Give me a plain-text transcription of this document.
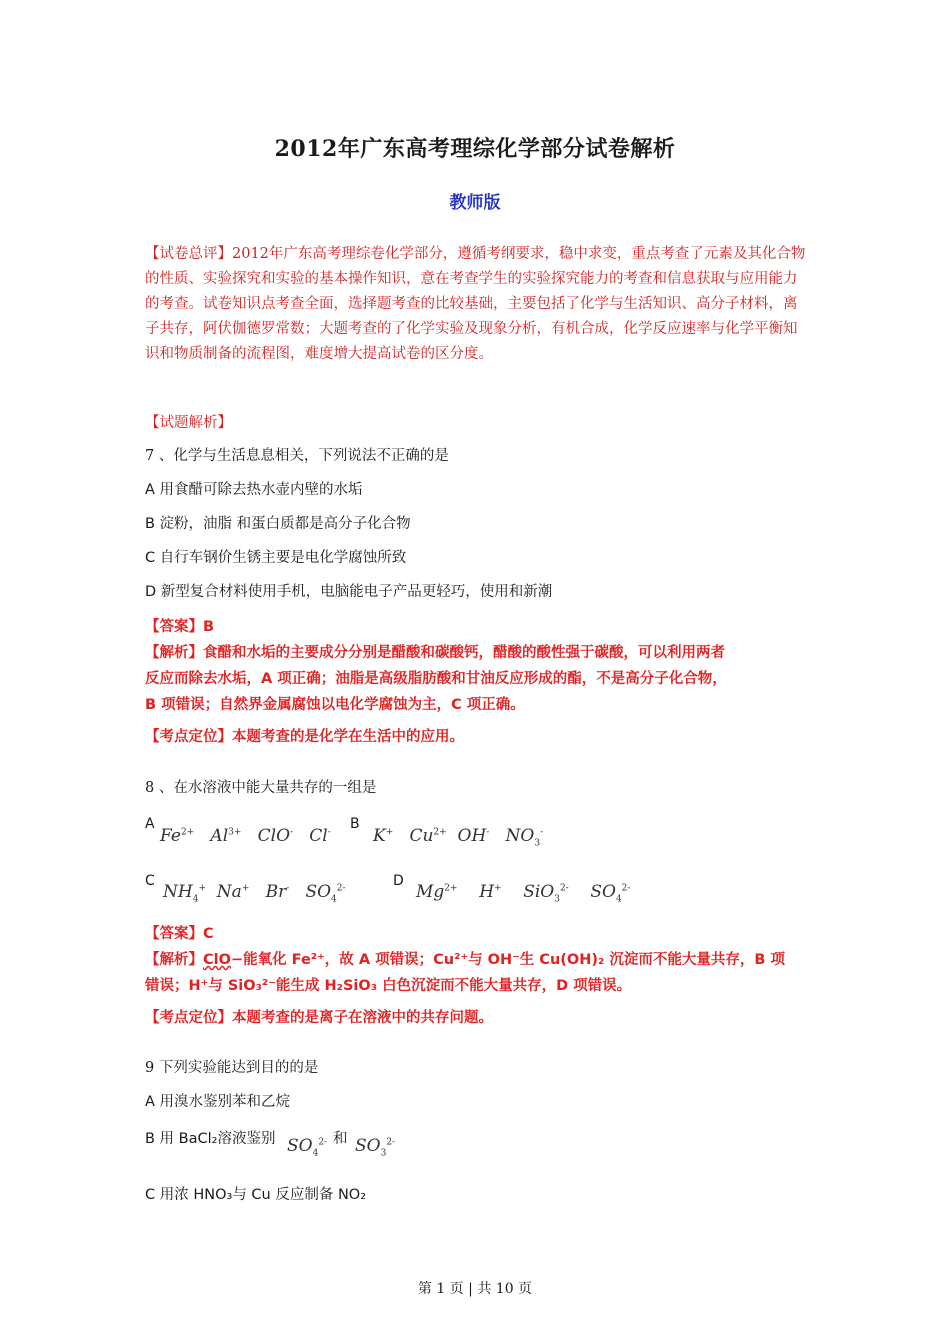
2012年广东高考理综化学部分试卷解析
教师版
【试卷总评】2012年广东高考理综卷化学部分，遵循考纲要求，稳中求变，重点考查了元素及其化合物的性质、实验探究和实验的基本操作知识，意在考查学生的实验探究能力的考查和信息获取与应用能力的考查。试卷知识点考查全面，选择题考查的比较基础，主要包括了化学与生活知识、高分子材料，离子共存，阿伏伽德罗常数；大题考查的了化学实验及现象分析，有机合成，化学反应速率与化学平衡知识和物质制备的流程图，难度增大提高试卷的区分度。
【试题解析】
7 、化学与生活息息相关，下列说法不正确的是
A 用食醋可除去热水壶内壁的水垢
B 淀粉，油脂 和蛋白质都是高分子化合物
C 自行车钢价生锈主要是电化学腐蚀所致
D 新型复合材料使用手机，电脑能电子产品更轻巧，使用和新潮
【答案】B
【解析】食醋和水垢的主要成分分别是醋酸和碳酸钙，醋酸的酸性强于碳酸，可以利用两者
反应而除去水垢，A 项正确；油脂是高级脂肪酸和甘油反应形成的酯，不是高分子化合物，
B 项错误；自然界金属腐蚀以电化学腐蚀为主，C 项正确。
【考点定位】本题考查的是化学在生活中的应用。
8 、在水溶液中能大量共存的一组是
A
$Fe^{2+}$   $Al^{3+}$   ClO-   Cl-
B
K+   $Cu^{2+}$  OH-   $NO_3^-$
C
$NH_4^+$  Na+   Br-   $SO_4^{2-}$	D
$Mg^{2+}$    H+    SiO$_3^{2-}$    $SO_4^{2-}$
【答案】C
【解析】ClO−能氧化 Fe²⁺，故 A 项错误；Cu²⁺与 OH⁻生 Cu(OH)₂ 沉淀而不能大量共存，B 项
错误；H⁺与 SiO₃²⁻能生成 H₂SiO₃ 白色沉淀而不能大量共存，D 项错误。
【考点定位】本题考查的是离子在溶液中的共存问题。
9 下列实验能达到目的的是
A 用溴水鉴别苯和乙烷
B 用 BaCl₂溶液鉴别 $SO_4^{2-}$ 和 $SO_3^{2-}$
C 用浓 HNO₃与 Cu 反应制备 NO₂
第 1 页 | 共 10 页
